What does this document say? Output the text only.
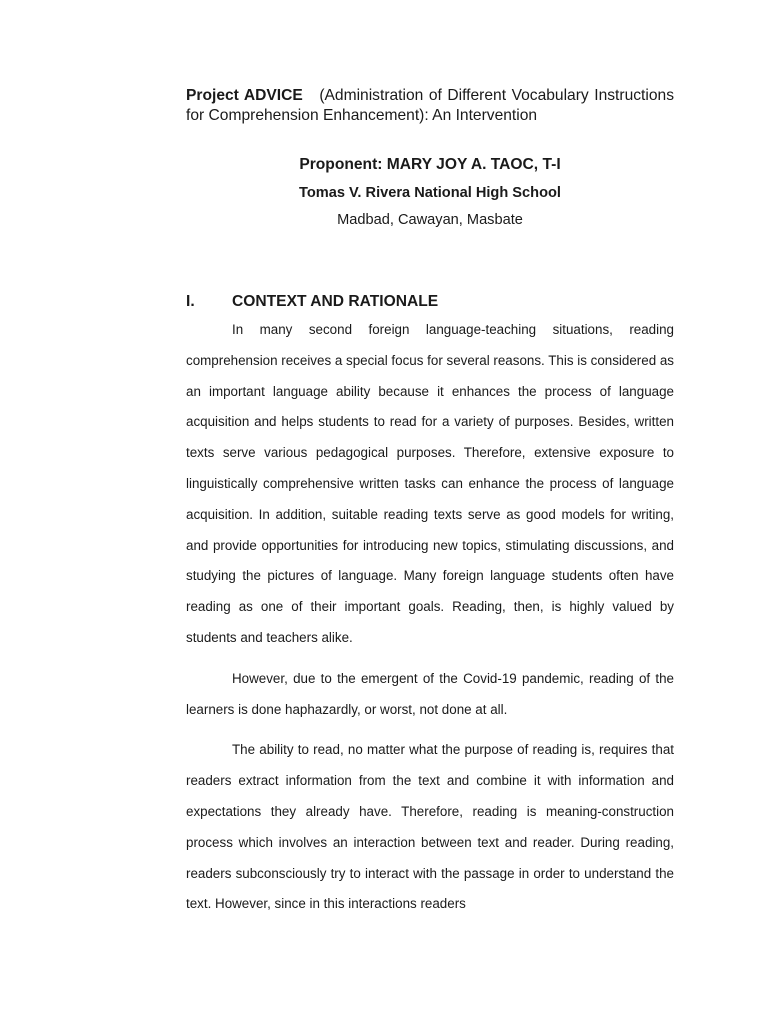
Project ADVICE (Administration of Different Vocabulary Instructions for Comprehension Enhancement): An Intervention

Proponent: MARY JOY A. TAOC, T-I

Tomas V. Rivera National High School

Madbad, Cawayan, Masbate

I.	CONTEXT AND RATIONALE

In many second foreign language-teaching situations, reading comprehension receives a special focus for several reasons. This is considered as an important language ability because it enhances the process of language acquisition and helps students to read for a variety of purposes. Besides, written texts serve various pedagogical purposes. Therefore, extensive exposure to linguistically comprehensive written tasks can enhance the process of language acquisition. In addition, suitable reading texts serve as good models for writing, and provide opportunities for introducing new topics, stimulating discussions, and studying the pictures of language. Many foreign language students often have reading as one of their important goals. Reading, then, is highly valued by students and teachers alike.

However, due to the emergent of the Covid-19 pandemic, reading of the learners is done haphazardly, or worst, not done at all.

The ability to read, no matter what the purpose of reading is, requires that readers extract information from the text and combine it with information and expectations they already have. Therefore, reading is meaning-construction process which involves an interaction between text and reader. During reading, readers subconsciously try to interact with the passage in order to understand the text. However, since in this interactions readers
